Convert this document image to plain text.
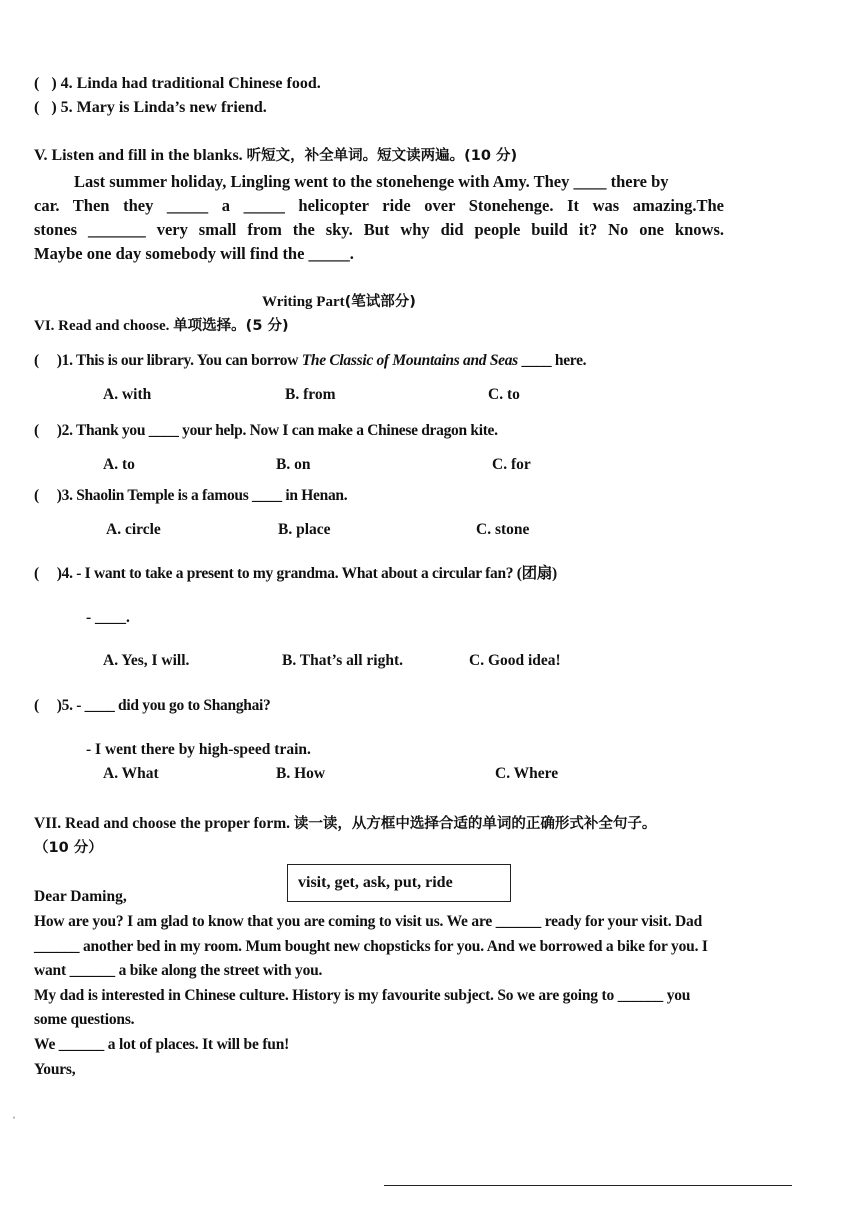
(   ) 4. Linda had traditional Chinese food.
(   ) 5. Mary is Linda’s new friend.
V. Listen and fill in the blanks. 听短文，补全单词。短文读两遍。(10 分)
Last summer holiday, Lingling went to the stonehenge with Amy. They ____ there by
car. Then they _____ a _____ helicopter ride over Stonehenge. It was amazing.The
stones _______ very small from the sky. But why did people build it? No one knows.
Maybe one day somebody will find the _____.
Writing Part(笔试部分)
VI. Read and choose. 单项选择。(5 分)
( )1. This is our library. You can borrow The Classic of Mountains and Seas ____ here.
A. with	B. from	C. to
( )2. Thank you ____ your help. Now I can make a Chinese dragon kite.
A. to	B. on	C. for
( )3. Shaolin Temple is a famous ____ in Henan.
A. circle	B. place	C. stone
( )4. - I want to take a present to my grandma. What about a circular fan? (团扇)
- ____.
A. Yes, I will.	B. That’s all right.	C. Good idea!
( )5. - ____ did you go to Shanghai?
- I went there by high-speed train.
A. What	B. How	C. Where
VII. Read and choose the proper form. 读一读，从方框中选择合适的单词的正确形式补全句子。
（10 分）
visit, get, ask, put, ride
Dear Daming,
How are you? I am glad to know that you are coming to visit us. We are ______ ready for your visit. Dad
______ another bed in my room. Mum bought new chopsticks for you. And we borrowed a bike for you. I
want ______ a bike along the street with you.
My dad is interested in Chinese culture. History is my favourite subject. So we are going to ______ you
some questions.
We ______ a lot of places. It will be fun!
Yours,
ˈ
